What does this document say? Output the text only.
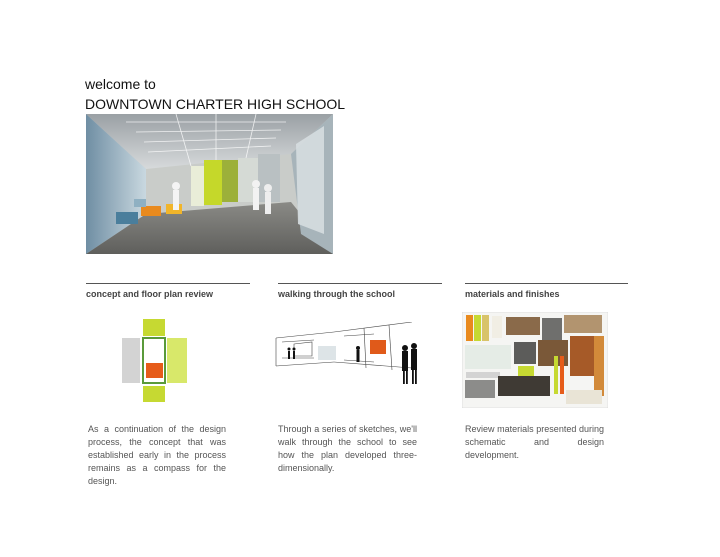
welcome to
DOWNTOWN CHARTER HIGH SCHOOL
concept and floor plan review	walking through the school	materials and finishes
As a continuation of the design process, the concept that was established early in the process remains as a compass for the design.
Through a series of sketches, we'll walk through the school to see how the plan developed three-dimensionally.
Review materials presented during schematic and design development.
